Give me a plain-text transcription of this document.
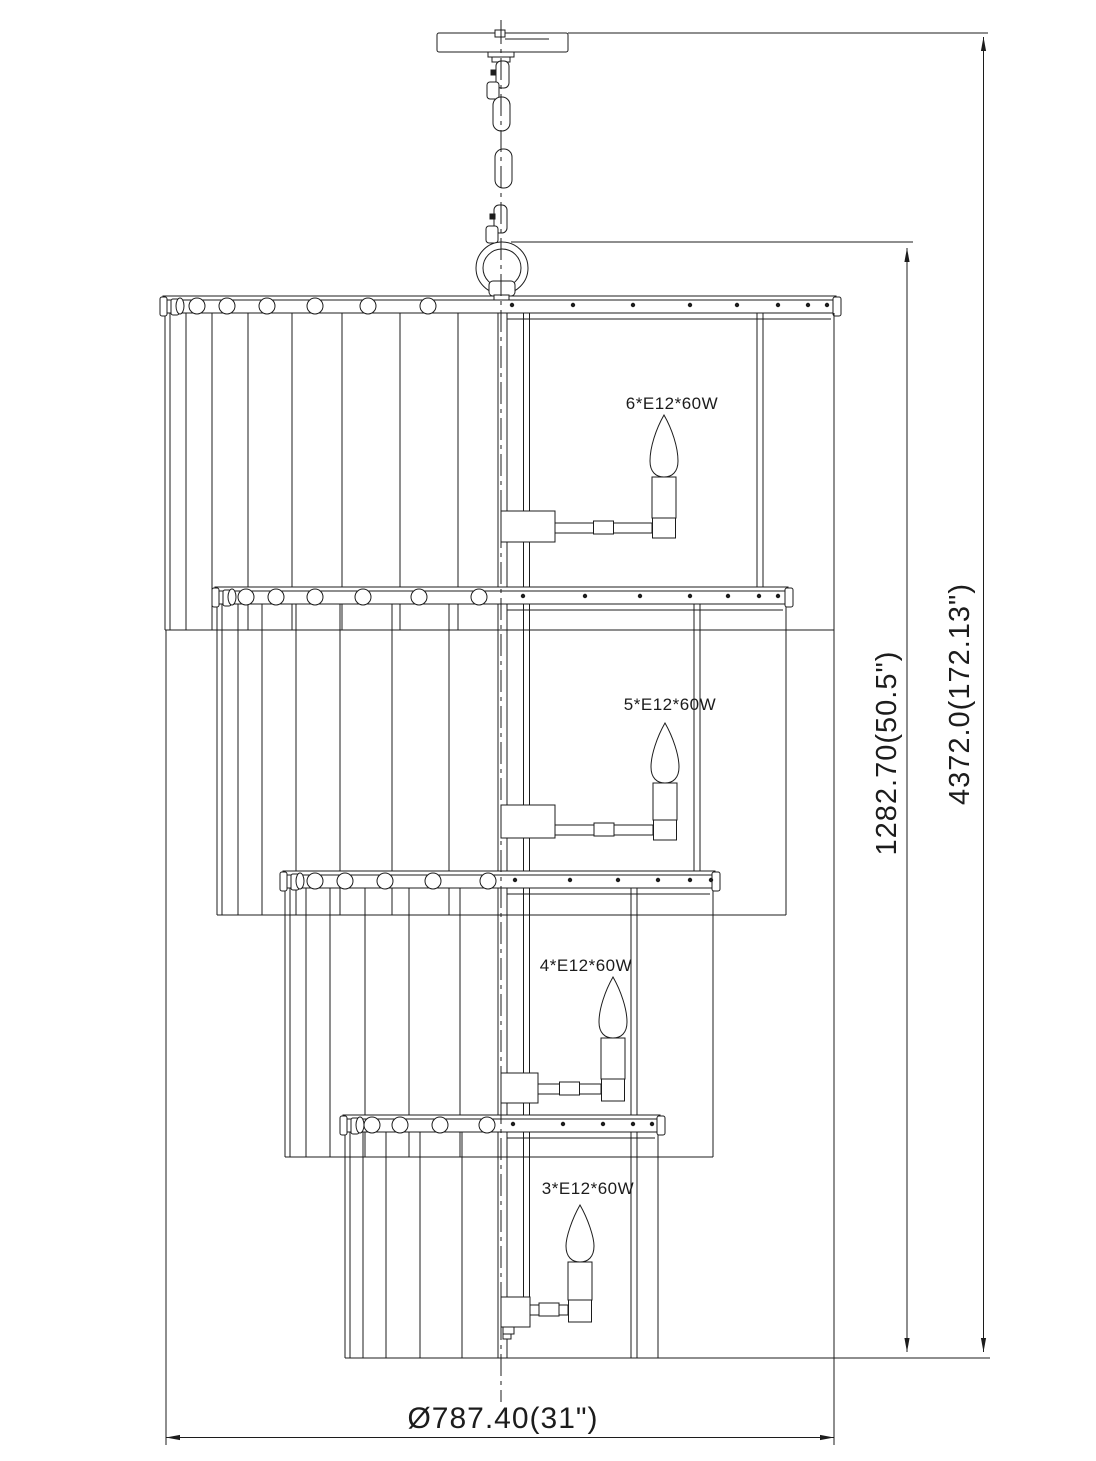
6*E12*60W
5*E12*60W
4*E12*60W
3*E12*60W
1282.70(50.5") 4372.0(172.13")
Ø787.40(31")
